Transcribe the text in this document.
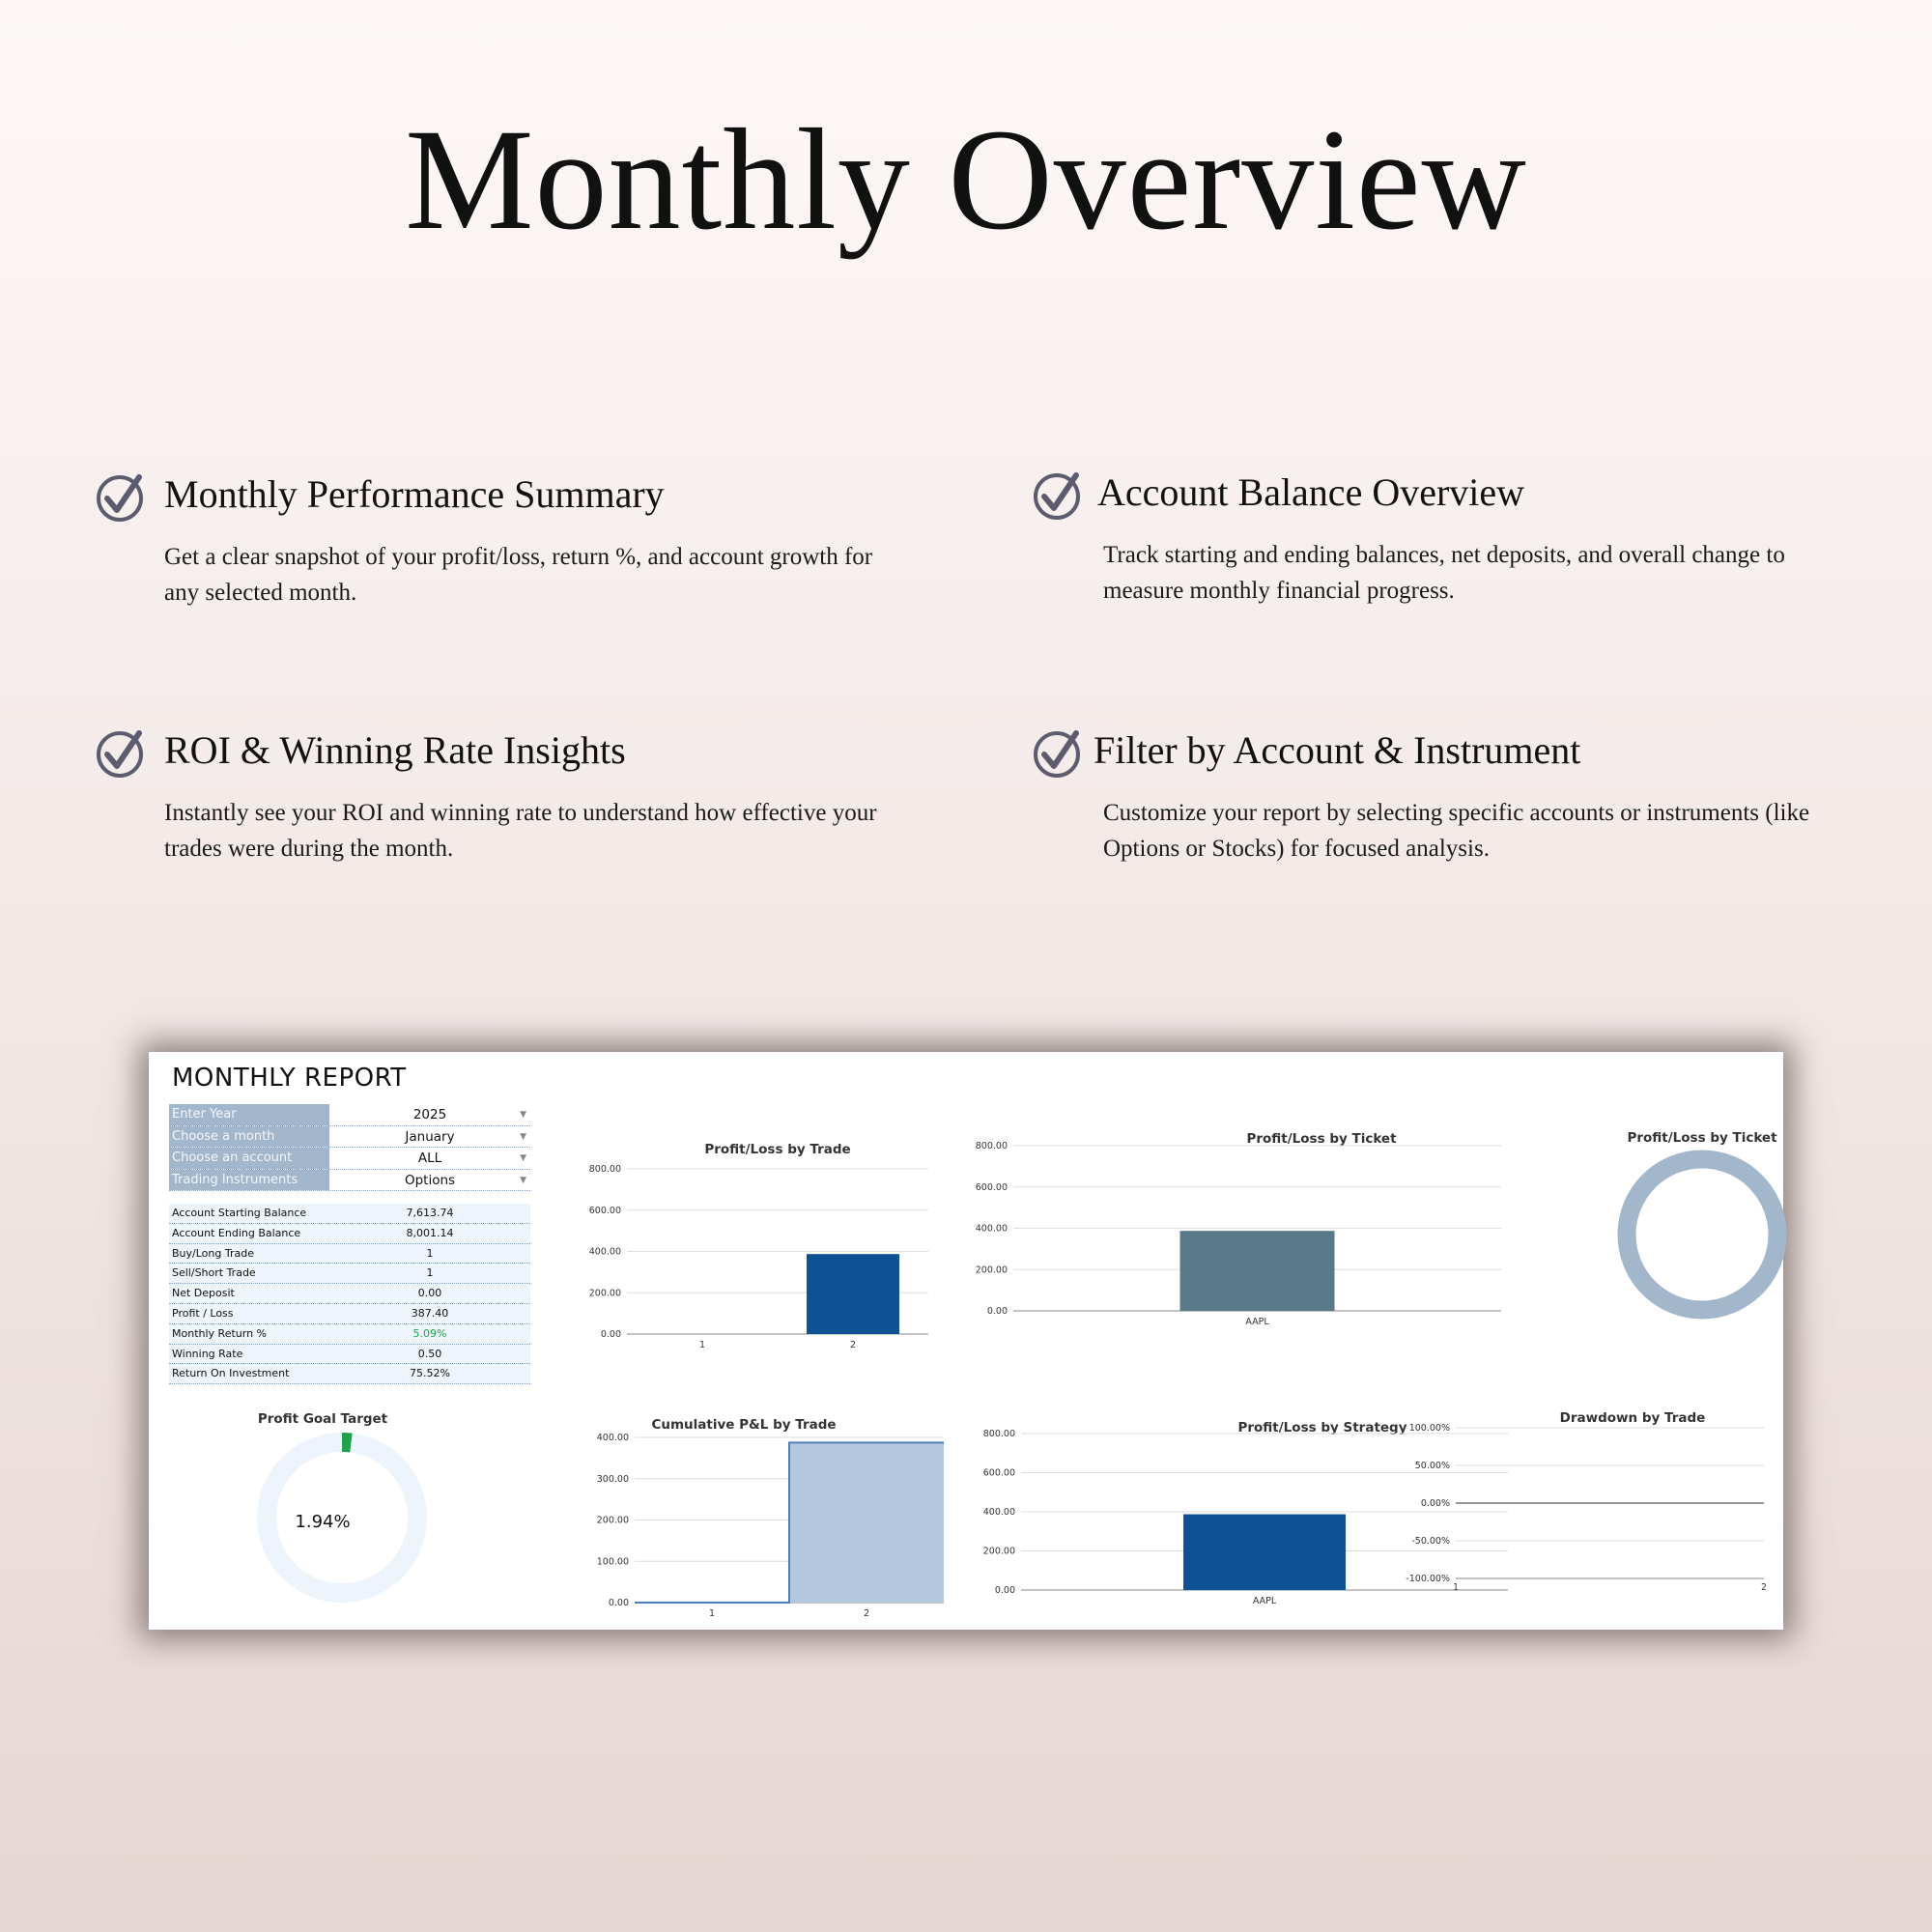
Monthly Overview
Monthly Performance Summary

Get a clear snapshot of your profit/loss, return %, and account growth for any selected month.

Account Balance Overview

Track starting and ending balances, net deposits, and overall change to measure monthly financial progress.

ROI & Winning Rate Insights

Instantly see your ROI and winning rate to understand how effective your trades were during the month.

Filter by Account & Instrument

Customize your report by selecting specific accounts or instruments (like Options or Stocks) for focused analysis.

MONTHLY REPORT
Enter Year	2025	▼
Choose a month	January	▼
Choose an account	ALL	▼
Trading Instruments	Options	▼
Account Starting Balance	7,613.74
Account Ending Balance	8,001.14
Buy/Long Trade	1
Sell/Short Trade	1
Net Deposit	0.00
Profit / Loss	387.40
Monthly Return %	5.09%
Winning Rate	0.50
Return On Investment	75.52%
Profit Goal Target
1.94%
Profit/Loss by Trade
800.00
600.00
400.00
200.00
0.00
1	2
Profit/Loss by Ticket
800.00
600.00
400.00
200.00
0.00
AAPL
Profit/Loss by Ticket
Cumulative P&L by Trade
400.00
300.00
200.00
100.00
0.00
1	2
Profit/Loss by Strategy
800.00
600.00
400.00
200.00
0.00
AAPL
Drawdown by Trade
100.00%
50.00%
0.00%
-50.00%
-100.00%
1	2
